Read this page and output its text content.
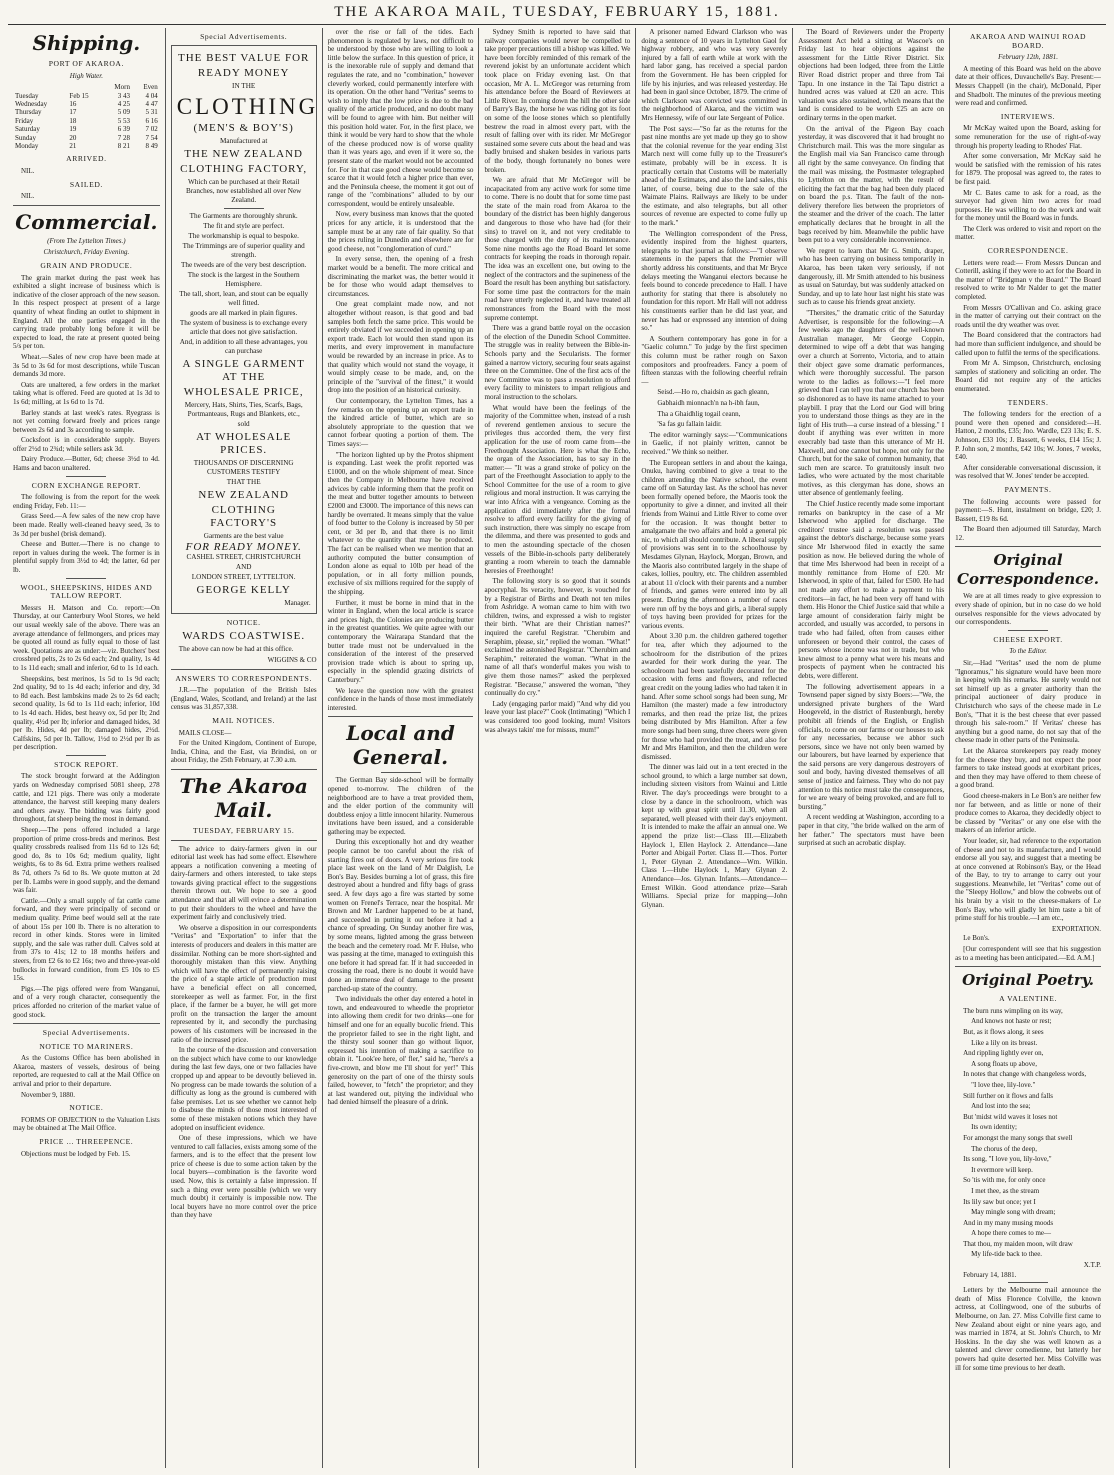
THE AKAROA MAIL, TUESDAY, FEBRUARY 15, 1881.
Shipping.
PORT OF AKAROA.
High Water.
		Morn	Even
Tuesday	Feb 15	3 43	4 04
Wednesday	16	4 25	4 47
Thursday	17	5 09	5 31
Friday	18	5 53	6 16
Saturday	19	6 39	7 02
Sunday	20	7 28	7 54
Monday	21	8 21	8 49
ARRIVED.

NIL.

SAILED.

NIL.

Commercial.
(From The Lyttelton Times.)
Christchurch, Friday Evening.
GRAIN AND PRODUCE.

The grain market during the past week has exhibited a slight increase of business which is indicative of the closer approach of the new season. In this respect prospect at present of a large quantity of wheat finding an outlet to shipment in England. All the one parties engaged in the carrying trade probably long before it will be expected to load, the rate at present quoted being 5/s per ton.

Wheat.—Sales of new crop have been made at 3s 5d to 3s 6d for most descriptions, while Tuscan demands 3d more.

Oats are unaltered, a few orders in the market taking what is offered. Feed are quoted at 1s 3d to 1s 6d; milling, at 1s 6d to 1s 7d.

Barley stands at last week's rates. Ryegrass is not yet coming forward freely and prices range between 2s 6d and 3s according to sample.

Cocksfoot is in considerable supply. Buyers offer 2½d to 2¾d; while sellers ask 3d.

Dairy Produce.—Butter, 6d; cheese 3½d to 4d. Hams and bacon unaltered.

CORN EXCHANGE REPORT.

The following is from the report for the week ending Friday, Feb. 11:—

Grass Seed.—A few sales of the new crop have been made. Really well-cleaned heavy seed, 3s to 3s 3d per bushel (brisk demand).

Cheese and Butter.—There is no change to report in values during the week. The former is in plentiful supply from 3½d to 4d; the latter, 6d per lb.

WOOL, SHEEPSKINS, HIDES AND TALLOW REPORT.

Messrs H. Matson and Co. report:—On Thursday, at our Canterbury Wool Stores, we held our usual weekly sale of the above. There was an average attendance of fellmongers, and prices may be quoted all round as fully equal to those of last week. Quotations are as under:—viz. Butchers' best crossbred pelts, 2s to 2s 6d each; 2nd quality, 1s 4d to 1s 11d each; small and inferior, 6d to 1s 1d each.

Sheepskins, best merinos, 1s 5d to 1s 9d each; 2nd quality, 9d to 1s 4d each; inferior and dry, 3d to 8d each. Best lambskins made 2s to 2s 6d each; second quality, 1s 6d to 1s 11d each; inferior, 10d to 1s 4d each. Hides, best heavy ox, 5d per lb; 2nd quality, 4½d per lb; inferior and damaged hides, 3d per lb. Hides, 4d per lb; damaged hides, 2½d. Calfskins, 5d per lb. Tallow, 1½d to 2½d per lb as per description.

STOCK REPORT.

The stock brought forward at the Addington yards on Wednesday comprised 5081 sheep, 278 cattle, and 121 pigs. There was only a moderate attendance, the harvest still keeping many dealers and others away. The bidding was fairly good throughout, fat sheep being the most in demand.

Sheep.—The pens offered included a large proportion of prime cross-breds and merinos. Best quality crossbreds realised from 11s 6d to 12s 6d; good do, 8s to 10s 6d; medium quality, light weights, 6s to 8s 6d. Extra prime wethers realised 8s 7d, others 7s 6d to 8s. We quote mutton at 2d per lb. Lambs were in good supply, and the demand was fair.

Cattle.—Only a small supply of fat cattle came forward, and they were principally of second or medium quality. Prime beef would sell at the rate of about 15s per 100 lb. There is no alteration to record in other kinds. Stores were in limited supply, and the sale was rather dull. Calves sold at from 37s to 41s; 12 to 18 months heifers and steers, from £2 6s to £2 16s; two and three-year-old bullocks in forward condition, from £5 10s to £5 15s.

Pigs.—The pigs offered were from Wanganui, and of a very rough character, consequently the prices afforded no criterion of the market value of good stock.

Special Advertisements.
NOTICE TO MARINERS.

As the Customs Office has been abolished in Akaroa, masters of vessels, desirous of being reported, are requested to call at the Mail Office on arrival and prior to their departure.

November 9, 1880.

NOTICE.

FORMS OF OBJECTION to the Valuation Lists may be obtained at The Mail Office.

PRICE ... THREEPENCE.

Objections must be lodged by Feb. 15.

Special Advertisements.
THE BEST VALUE FOR
READY MONEY
IN THE
CLOTHING
(MEN'S & BOY'S)
Manufactured at
THE NEW ZEALAND
CLOTHING FACTORY,
Which can be purchased at their Retail Branches, now established all over New Zealand.
The Garments are thoroughly shrunk.
The fit and style are perfect.
The workmanship is equal to bespoke.
The Trimmings are of superior quality and strength.
The tweeds are of the very best description.
The stock is the largest in the Southern Hemisphere.
The tall, short, lean, and stout can be equally well fitted.
goods are all marked in plain figures.
The system of business is to exchange every article that does not give satisfaction.
And, in addition to all these advantages, you can purchase
A SINGLE GARMENT AT THE
WHOLESALE PRICE,
Mercery, Hats, Shirts, Ties, Scarfs, Bags, Portmanteaus, Rugs and Blankets, etc.,
sold
AT WHOLESALE PRICES.
THOUSANDS OF DISCERNING CUSTOMERS TESTIFY
THAT THE
NEW ZEALAND
CLOTHING FACTORY'S
Garments are the best value
FOR READY MONEY.
CASHEL STREET, CHRISTCHURCH
AND
LONDON STREET, LYTTELTON.
GEORGE KELLY
Manager.
NOTICE.
WARDS COASTWISE.

The above can now be had at this office.

WIGGINS & CO
ANSWERS TO CORRESPONDENTS.

J.R.—The population of the British Isles (England, Wales, Scotland, and Ireland) at the last census was 31,857,338.

MAIL NOTICES.

MAILS CLOSE—

For the United Kingdom, Continent of Europe, India, China, and the East, via Brindisi, on or about Friday, the 25th February, at 7.30 a.m.

The Akaroa Mail.
TUESDAY, FEBRUARY 15.

The advice to dairy-farmers given in our editorial last week has had some effect. Elsewhere appears a notification convening a meeting of dairy-farmers and others interested, to take steps towards giving practical effect to the suggestions therein thrown out. We hope to see a good attendance and that all will evince a determination to put their shoulders to the wheel and have the experiment fairly and conclusively tried.

We observe a disposition in our correspondents "Veritas" and "Exportation" to infer that the interests of producers and dealers in this matter are dissimilar. Nothing can be more short-sighted and thoroughly mistaken than this view. Anything which will have the effect of permanently raising the price of a staple article of production must have a beneficial effect on all concerned, storekeeper as well as farmer. For, in the first place, if the farmer be a buyer, he will get more profit on the transaction the larger the amount represented by it, and secondly the purchasing powers of his customers will be increased in the ratio of the increased price.

In the course of the discussion and conversation on the subject which have come to our knowledge during the last few days, one or two fallacies have cropped up and appear to be devoutly believed in. No progress can be made towards the solution of a difficulty as long as the ground is cumbered with false premises. Let us see whether we cannot help to disabuse the minds of those most interested of some of these mistaken notions which they have adopted on insufficient evidence.

One of these impressions, which we have ventured to call fallacies, exists among some of the farmers, and is to the effect that the present low price of cheese is due to some action taken by the local buyers—combination is the favorite word used. Now, this is certainly a false impression. If such a thing ever were possible (which we very much doubt) it certainly is impossible now. The local buyers have no more control over the price than they have

over the rise or fall of the tides. Each phenomenon is regulated by laws, not difficult to be understood by those who are willing to look a little below the surface. In this question of price, it is the inexorable rule of supply and demand that regulates the rate, and no "combination," however cleverly worked, could permanently interfere with its operation. On the other hand "Veritas" seems to wish to imply that the low price is due to the bad quality of the article produced, and no doubt many will be found to agree with him. But neither will this position hold water. For, in the first place, we think it would be very hard to show that the whole of the cheese produced now is of worse quality than it was years ago, and even if it were so, the present state of the market would not be accounted for. For in that case good cheese would become so scarce that it would fetch a higher price than ever, and the Peninsula cheese, the moment it got out of range of the "combinations" alluded to by our correspondent, would be entirely unsaleable.

Now, every business man knows that the quoted prices for any article, it is understood that the sample must be at any rate of fair quality. So that the prices ruling in Dunedin and elsewhere are for good cheese, not "conglomeration of curd."

In every sense, then, the opening of a fresh market would be a benefit. The more critical and discriminating the market was, the better would it be for those who would adapt themselves to circumstances.

One great complaint made now, and not altogether without reason, is that good and bad samples both fetch the same price. This would be entirely obviated if we succeeded in opening up an export trade. Each lot would then stand upon its merits, and every improvement in manufacture would be rewarded by an increase in price. As to that quality which would not stand the voyage, it would simply cease to be made, and, on the principle of the "survival of the fittest," it would drop into the position of an historical curiosity.

Our contemporary, the Lyttelton Times, has a few remarks on the opening up an export trade in the kindred article of butter, which are so absolutely appropriate to the question that we cannot forbear quoting a portion of them. The Times says:—

"The horizon lighted up by the Protos shipment is expanding. Last week the profit reported was £1000, and on the whole shipment of meat. Since then the Company in Melbourne have received advices by cable informing them that the profit on the meat and butter together amounts to between £2000 and £3000. The importance of this news can hardly be overrated. It means simply that the value of food butter to the Colony is increased by 50 per cent, or 3d per lb, and that there is no limit whatever to the quantity that may be produced. The fact can be realised when we mention that an authority computed the butter consumption of London alone as equal to 10lb per head of the population, or in all forty million pounds, exclusive of six millions required for the supply of the shipping.

Further, it must be borne in mind that in the winter in England, when the local article is scarce and prices high, the Colonies are producing butter in the greatest quantities. We quite agree with our contemporary the Wairarapa Standard that the butter trade must not be undervalued in the consideration of the interest of the preserved provision trade which is about to spring up, especially in the splendid grazing districts of Canterbury."

We leave the question now with the greatest confidence in the hands of those most immediately interested.

Local and General.

The German Bay side-school will be formally opened to-morrow. The children of the neighborhood are to have a treat provided them, and the elder portion of the community will doubtless enjoy a little innocent hilarity. Numerous invitations have been issued, and a considerable gathering may be expected.

During this exceptionally hot and dry weather people cannot be too careful about the risk of starting fires out of doors. A very serious fire took place last week on the land of Mr Dalglish, Le Bon's Bay. Besides burning a lot of grass, this fire destroyed about a hundred and fifty bags of grass seed. A few days ago a fire was started by some women on Frenel's Terrace, near the hospital. Mr Brown and Mr Lardner happened to be at hand, and succeeded in putting it out before it had a chance of spreading. On Sunday another fire was, by some means, lighted among the grass between the beach and the cemetery road. Mr F. Hulse, who was passing at the time, managed to extinguish this one before it had spread far. If it had succeeded in crossing the road, there is no doubt it would have done an immense deal of damage to the present parched-up state of the country.

Two individuals the other day entered a hotel in town, and endeavoured to wheedle the proprietor into allowing them credit for two drinks—one for himself and one for an equally bucolic friend. This the proprietor failed to see in the right light, and the thirsty soul sooner than go without liquor, expressed his intention of making a sacrifice to obtain it. "Look'ee here, ol' fler," said he, "here's a five-crown, and blow me I'll shout for yer!" This generosity on the part of one of the thirsty souls failed, however, to "fetch" the proprietor; and they at last wandered out, pitying the individual who had denied himself the pleasure of a drink.

Sydney Smith is reported to have said that railway companies would never be compelled to take proper precautions till a bishop was killed. We have been forcibly reminded of this remark of the reverend jokist by an unfortunate accident which took place on Friday evening last. On that occasion, Mr A. L. McGregor was returning from his attendance before the Board of Reviewers at Little River. In coming down the hill the other side of Barry's Bay, the horse he was riding got its foot on some of the loose stones which so plentifully bestrew the road in almost every part, with the result of falling over with its rider. Mr McGregor sustained some severe cuts about the head and was badly bruised and shaken besides in various parts of the body, though fortunately no bones were broken.

We are afraid that Mr McGregor will be incapacitated from any active work for some time to come. There is no doubt that for some time past the state of the main road from Akaroa to the boundary of the district has been highly dangerous and dangerous to those who have had (for their sins) to travel on it, and not very creditable to those charged with the duty of its maintenance. Some nine months ago the Road Board let some contracts for keeping the roads in thorough repair. The idea was an excellent one, but owing to the neglect of the contractors and the supineness of the Board the result has been anything but satisfactory. For some time past the contractors for the main road have utterly neglected it, and have treated all remonstrances from the Board with the most supreme contempt.

There was a grand battle royal on the occasion of the election of the Dunedin School Committee. The struggle was in reality between the Bible-in-Schools party and the Secularists. The former gained a narrow victory, securing four seats against three on the Committee. One of the first acts of the new Committee was to pass a resolution to afford every facility to ministers to impart religious and moral instruction to the scholars.

What would have been the feelings of the majority of the Committee when, instead of a rush of reverend gentlemen anxious to secure the privileges thus accorded them, the very first application for the use of room came from—the Freethought Association. Here is what the Echo, the organ of the Association, has to say in the matter:— "It was a grand stroke of policy on the part of the Freethought Association to apply to the School Committee for the use of a room to give religious and moral instruction. It was carrying the war into Africa with a vengeance. Coming as the application did immediately after the formal resolve to afford every facility for the giving of such instruction, there was simply no escape from the dilemma, and there was presented to gods and to men the astounding spectacle of the chosen vessels of the Bible-in-schools party deliberately granting a room wherein to teach the damnable heresies of Freethought!

The following story is so good that it sounds apocryphal. Its veracity, however, is vouched for by a Registrar of Births and Death not ten miles from Ashridge. A woman came to him with two children, twins, and expressed a wish to register their birth. "What are their Christian names?" inquired the careful Registrar. "Cherubim and Seraphim, please, sir," replied the woman. "What!" exclaimed the astonished Registrar. "Cherubim and Seraphim," reiterated the woman. "What in the name of all that's wonderful makes you wish to give them those names?" asked the perplexed Registrar. "Because," answered the woman, "they continually do cry."

Lady (engaging parlor maid) "And why did you leave your last place?" Cook (Intimating) "Which I was considered too good looking, mum! Visitors was always takin' me for missus, mum!"

A prisoner named Edward Clarkson who was doing a sentence of 10 years in Lyttelton Gaol for highway robbery, and who was very severely injured by a fall of earth while at work with the hard labor gang, has received a special pardon from the Government. He has been crippled for life by his injuries, and was released yesterday. He had been in gaol since October, 1879. The crime of which Clarkson was convicted was committed in the neighborhood of Akaroa, and the victim was Mrs Hennessy, wife of our late Sergeant of Police.

The Post says:—"So far as the returns for the past nine months are yet made up they go to show that the colonial revenue for the year ending 31st March next will come fully up to the Treasurer's estimate, probably will be in excess. It is practically certain that Customs will be materially ahead of the Estimates, and also the land sales, this latter, of course, being due to the sale of the Waimate Plains. Railways are likely to be under the estimate, and also telegraphs, but all other sources of revenue are expected to come fully up to the mark."

The Wellington correspondent of the Press, evidently inspired from the highest quarters, telegraphs to that journal as follows:—"I observe statements in the papers that the Premier will shortly address his constituents, and that Mr Bryce delays meeting the Wanganui electors because he feels bound to concede precedence to Hall. I have authority for stating that there is absolutely no foundation for this report. Mr Hall will not address his constituents earlier than he did last year, and never has had or expressed any intention of doing so."

A Southern contemporary has gone in for a "Gaelic column." To judge by the first specimen this column must be rather rough on Saxon compositors and proofreaders. Fancy a poem of fifteen stanzas with the following cheerful refrain—

Seisd.—Ho ro, chaidsin as gach gleann,

Gabhaidh mionnach'n na h-ibh faun,

Tha a Ghaidhlig togail ceann,

'Sa fas gu fallain laidir.

The editor warningly says:—"Communications in Gaelic, if not plainly written, cannot be received." We think so neither.

The European settlers in and about the kainga, Onuku, having combined to give a treat to the children attending the Native school, the event came off on Saturday last. As the school has never been formally opened before, the Maoris took the opportunity to give a dinner, and invited all their friends from Wainui and Little River to come over for the occasion. It was thought better to amalgamate the two affairs and hold a general pic nic, to which all should contribute. A liberal supply of provisions was sent in to the schoolhouse by Mesdames Glynan, Haylock, Morgan, Brown, and the Maoris also contributed largely in the shape of cakes, lollies, poultry, etc. The children assembled at about 11 o'clock with their parents and a number of friends, and games were entered into by all present. During the afternoon a number of races were run off by the boys and girls, a liberal supply of toys having been provided for prizes for the various events.

About 3.30 p.m. the children gathered together for tea, after which they adjourned to the schoolroom for the distribution of the prizes awarded for their work during the year. The schoolroom had been tastefully decorated for the occasion with ferns and flowers, and reflected great credit on the young ladies who had taken it in hand. After some school songs had been sung, Mr Hamilton (the master) made a few introductory remarks, and then read the prize list, the prizes being distributed by Mrs Hamilton. After a few more songs had been sung, three cheers were given for those who had provided the treat, and also for Mr and Mrs Hamilton, and then the children were dismissed.

The dinner was laid out in a tent erected in the school ground, to which a large number sat down, including sixteen visitors from Wainui and Little River. The day's proceedings were brought to a close by a dance in the schoolroom, which was kept up with great spirit until 11.30, when all separated, well pleased with their day's enjoyment. It is intended to make the affair an annual one. We append the prize list:—Class III.—Elizabeth Haylock 1, Ellen Haylock 2. Attendance—Jane Porter and Abigail Porter. Class II.—Thos. Porter 1, Peter Glynan 2. Attendance—Wm. Wilkin. Class I.—Hube Haylock 1, Mary Glynan 2. Attendance—Jos. Glynan. Infants.—Attendance—Ernest Wilkin. Good attendance prize—Sarah Williams. Special prize for mapping—John Glynan.

The Board of Reviewers under the Property Assessment Act held a sitting at Wascoe's on Friday last to hear objections against the assessment for the Little River District. Six objections had been lodged, three from the Little River Road district proper and three from Tai Tapu. In one instance in the Tai Tapu district a hundred acres was valued at £20 an acre. This valuation was also sustained, which means that the land is considered to be worth £25 an acre on ordinary terms in the open market.

On the arrival of the Pigeon Bay coach yesterday, it was discovered that it had brought no Christchurch mail. This was the more singular as the English mail via San Francisco came through all right by the same conveyance. On finding that the mail was missing, the Postmaster telegraphed to Lyttelton on the matter, with the result of eliciting the fact that the bag had been duly placed on board the p.s. Titan. The fault of the non-delivery therefore lies between the proprietors of the steamer and the driver of the coach. The latter emphatically declares that he brought in all the bags received by him. Meanwhile the public have been put to a very considerable inconvenience.

We regret to learn that Mr G. Smith, draper, who has been carrying on business temporarily in Akaroa, has been taken very seriously, if not dangerously, ill. Mr Smith attended to his business as usual on Saturday, but was suddenly attacked on Sunday, and up to late hour last night his state was such as to cause his friends great anxiety.

"Thersites," the dramatic critic of the Saturday Advertiser, is responsible for the following:—A few weeks ago the daughters of the well-known Australian manager, Mr George Coppin, determined to wipe off a debt that was hanging over a church at Sorrento, Victoria, and to attain their object gave some dramatic performances, which were thoroughly successful. The parson wrote to the ladies as follows:—"I feel more grieved than I can tell you that our church has been so dishonored as to have its name attached to your playbill. I pray that the Lord our God will bring you to understand those things as they are in the light of His truth—a curse instead of a blessing." I doubt if anything was ever written in more execrably bad taste than this utterance of Mr H. Maxwell, and one cannot but hope, not only for the Church, but for the sake of common humanity, that such men are scarce. To gratuitously insult two ladies, who were actuated by the most charitable motives, as this clergyman has done, shows an utter absence of gentlemanly feeling.

The Chief Justice recently made some important remarks on bankruptcy in the case of a Mr Isherwood who applied for discharge. The creditors' trustee said a resolution was passed against the debtor's discharge, because some years since Mr Isherwood filed in exactly the same position as now. He believed during the whole of that time Mrs Isherwood had been in receipt of a monthly remittance from Home of £20. Mr Isherwood, in spite of that, failed for £500. He had not made any effort to make a payment to his creditors—in fact, he had been very off hand with them. His Honor the Chief Justice said that while a large amount of consideration fairly might be accorded, and usually was accorded, to persons in trade who had failed, often from causes either unforeseen or beyond their control, the cases of persons whose income was not in trade, but who knew almost to a penny what were his means and prospects of payment when he contracted his debts, were different.

The following advertisement appears in a Townsend paper signed by sixty Boers:—"We, the undersigned private burghers of the Ward Hoogeveld, in the district of Rustenburgh, hereby prohibit all friends of the English, or English officials, to come on our farms or our houses to ask for any necessaries, because we abhor such persons, since we have not only been warned by our labourers, but have learned by experience that the said persons are very dangerous destroyers of soul and body, having divested themselves of all sense of justice and fairness. They who do not pay attention to this notice must take the consequences, for we are weary of being provoked, and are full to bursting."

A recent wedding at Washington, according to a paper in that city, "the bride walked on the arm of her father." The spectators must have been surprised at such an acrobatic display.

AKAROA AND WAINUI ROAD BOARD.
February 12th, 1881.

A meeting of this Board was held on the above date at their offices, Duvauchelle's Bay. Present:—Messrs Chappell (in the chair), McDonald, Piper and Shadbolt. The minutes of the previous meeting were read and confirmed.

INTERVIEWS.

Mr McKay waited upon the Board, asking for some remuneration for the use of right-of-way through his property leading to Rhodes' Flat.

After some conversation, Mr McKay said he would be satisfied with the remission of his rates for 1879. The proposal was agreed to, the rates to be first paid.

Mr C. Bates came to ask for a road, as the surveyor had given him two acres for road purposes. He was willing to do the work and wait for the money until the Board was in funds.

The Clerk was ordered to visit and report on the matter.

CORRESPONDENCE.

Letters were read:— From Messrs Duncan and Cotterill, asking if they were to act for the Board in the matter of "Bridgman v the Board." The Board resolved to write to Mr Nalder to get the matter completed.

From Messrs O'Callivan and Co. asking grace in the matter of carrying out their contract on the roads until the dry weather was over.

The Board considered that the contractors had had more than sufficient indulgence, and should be called upon to fulfil the terms of the specifications.

From Mr A. Simpson, Christchurch, enclosing samples of stationery and soliciting an order. The Board did not require any of the articles enumerated.

TENDERS.

The following tenders for the erection of a pound were then opened and considered:—H. Hatton, 2 months, £35; Jno. Wardle, £23 13s; E. S. Johnson, £33 10s; J. Bassett, 6 weeks, £14 15s; J. P. John son, 2 months, £42 10s; W. Jones, 7 weeks, £40.

After considerable conversational discussion, it was resolved that W. Jones' tender be accepted.

PAYMENTS.

The following accounts were passed for payment:—S. Hunt, instalment on bridge, £20; J. Bassett, £19 8s 6d.

The Board then adjourned till Saturday, March 12.

Original Correspondence.

We are at all times ready to give expression to every shade of opinion, but in no case do we hold ourselves responsible for the views advocated by our correspondents.

CHEESE EXPORT.
To the Editor.

Sir,—Had "Veritas" used the nom de plume "Ignoramus," his signature would have been more in keeping with his remarks. He surely would not set himself up as a greater authority than the principal auctioneer of dairy produce in Christchurch who says of the cheese made in Le Bon's, "That it is the best cheese that ever passed through his sale-room." If Veritas' cheese has anything but a good name, do not say that of the cheese made in other parts of the Peninsula.

Let the Akaroa storekeepers pay ready money for the cheese they buy, and not expect the poor farmers to take instead goods at exorbitant prices, and then they may have offered to them cheese of a good brand.

Good cheese-makers in Le Bon's are neither few nor far between, and as little or none of their produce comes to Akaroa, they decidedly object to be classed by "Veritas" or any one else with the makers of an inferior article.

Your leader, sir, had reference to the exportation of cheese and not to its manufacture, and I would endorse all you say, and suggest that a meeting be at once convened at Robinson's Bay, or the Head of the Bay, to try to arrange to carry out your suggestions. Meanwhile, let "Veritas" come out of the "Sleepy Hollow," and blow the cobwebs out of his brain by a visit to the cheese-makers of Le Bon's Bay, who will gladly let him taste a bit of prime stuff for his trouble.—I am etc.,

EXPORTATION.

Le Bon's.

[Our correspondent will see that his suggestion as to a meeting has been anticipated.—Ed. A.M.]

Original Poetry.
A VALENTINE.

The burn runs wimpling on its way,

And knows not haste or rest;

But, as it flows along, it sees

Like a lily on its breast.

And rippling lightly ever on,

A song floats up above,

In notes that change with changeless words,

"I love thee, lily-love."

Still further on it flows and falls

And lost into the sea;

But 'midst wild waves it loses not

Its own identity;

For amongst the many songs that swell

The chorus of the deep,

Its song, "I love you, lily-love,"

It evermore will keep.

So 'tis with me, for only once

I met thee, as the stream

Its lily saw but once; yet I

May mingle song with dream;

And in my many musing moods

A hope there comes to me—

That thou, my maiden moon, wilt draw

My life-tide back to thee.

X.T.P.

February 14, 1881.

Letters by the Melbourne mail announce the death of Miss Florence Colville, the known actress, at Collingwood, one of the suburbs of Melbourne, on Jan. 27. Miss Colville first came to New Zealand about eight or nine years ago, and was married in 1874, at St. John's Church, to Mr Hoskins. In the day she was well known as a talented and clever comedienne, but latterly her powers had quite deserted her. Miss Colville was ill for some time previous to her death.
